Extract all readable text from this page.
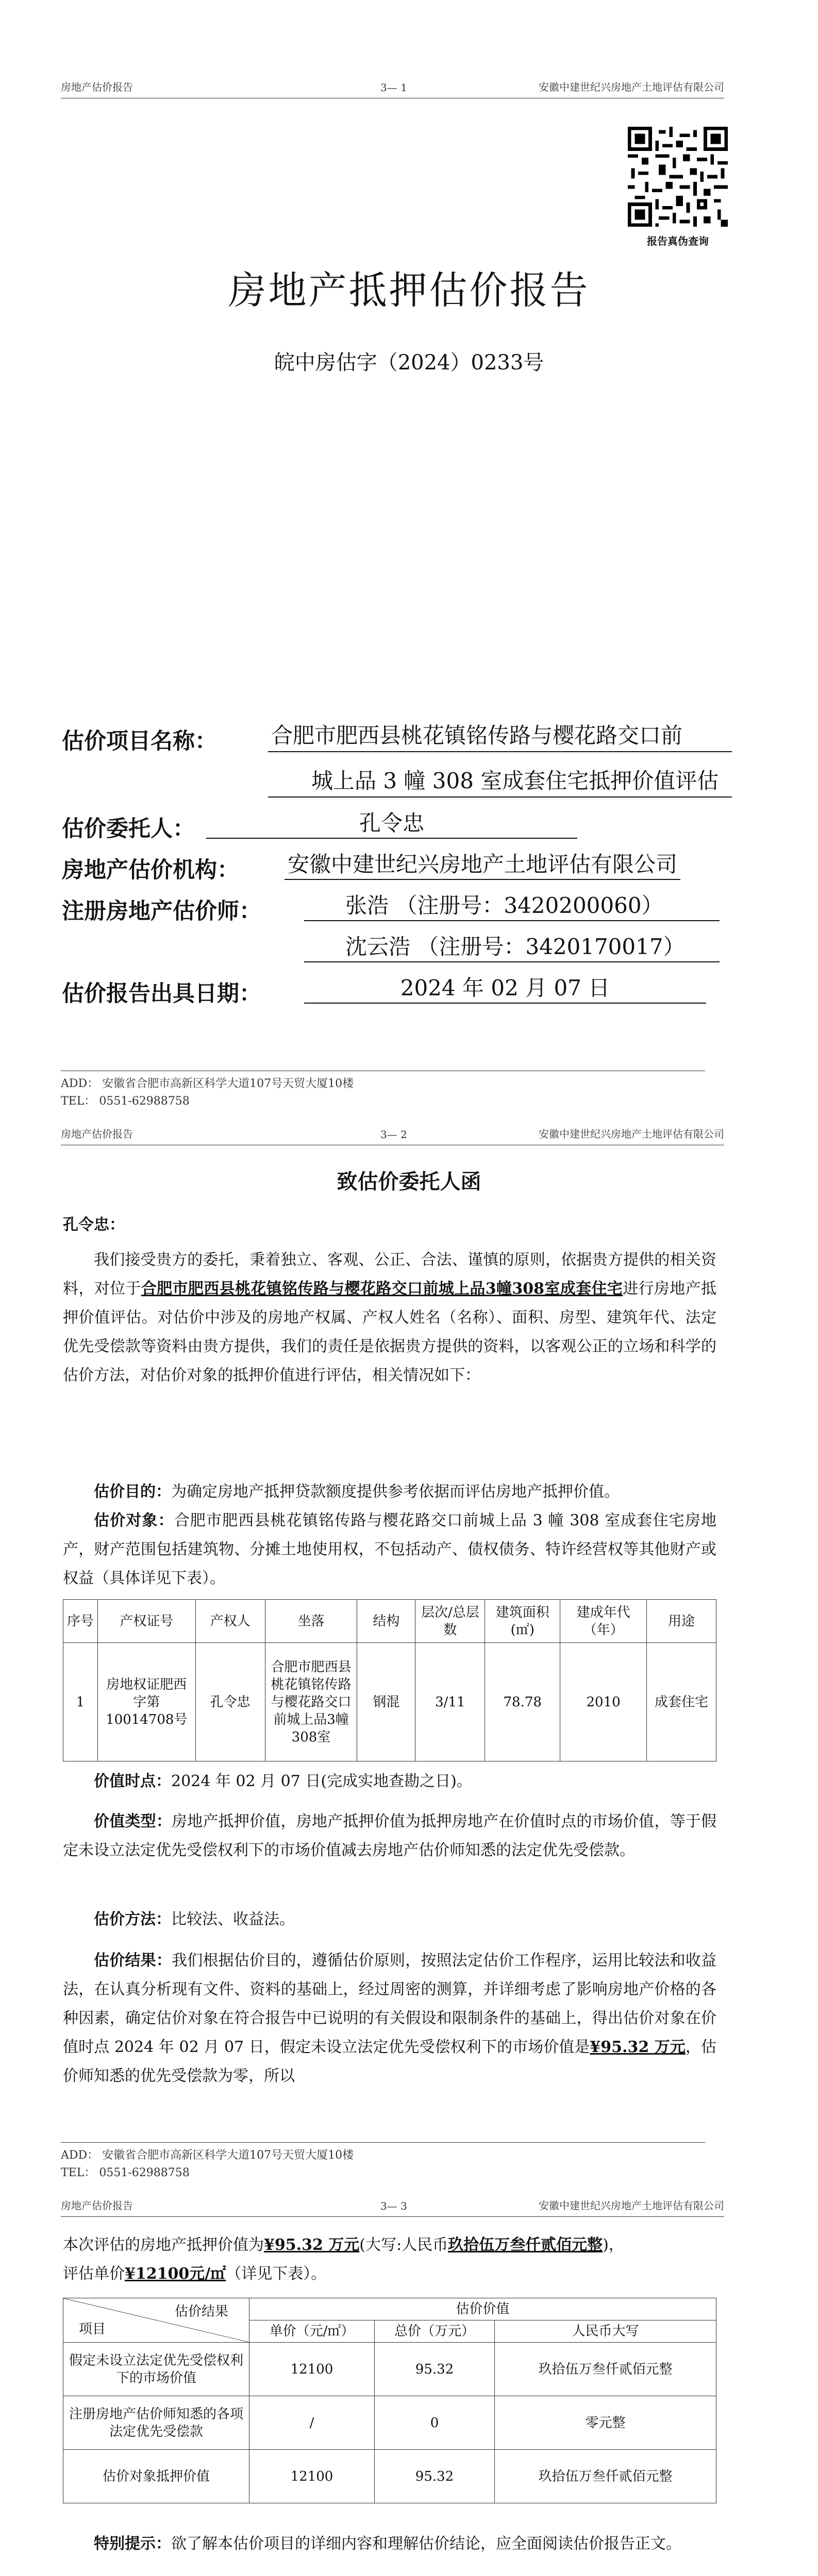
房地产估价报告	3— 1	安徽中建世纪兴房地产土地评估有限公司
报告真伪查询
房地产抵押估价报告
皖中房估字（2024）0233号
估价项目名称：	合肥市肥西县桃花镇铭传路与樱花路交口前
城上品 3 幢 308 室成套住宅抵押价值评估
估价委托人：	孔令忠
房地产估价机构： 安徽中建世纪兴房地产土地评估有限公司
注册房地产估价师：	张浩 （注册号：3420200060）
沈云浩 （注册号：3420170017）
估价报告出具日期：	2024 年 02 月 07 日
ADD： 安徽省合肥市高新区科学大道107号天贸大厦10楼
TEL： 0551-62988758
房地产估价报告	3— 2	安徽中建世纪兴房地产土地评估有限公司
致估价委托人函
孔令忠：
我们接受贵方的委托，秉着独立、客观、公正、合法、谨慎的原则，依据贵方提供的相关资料，对位于合肥市肥西县桃花镇铭传路与樱花路交口前城上品3幢308室成套住宅进行房地产抵押价值评估。对估价中涉及的房地产权属、产权人姓名（名称）、面积、房型、建筑年代、法定优先受偿款等资料由贵方提供，我们的责任是依据贵方提供的资料，以客观公正的立场和科学的估价方法，对估价对象的抵押价值进行评估，相关情况如下：
估价目的：为确定房地产抵押贷款额度提供参考依据而评估房地产抵押价值。
估价对象：合肥市肥西县桃花镇铭传路与樱花路交口前城上品 3 幢 308 室成套住宅房地产，财产范围包括建筑物、分摊土地使用权，不包括动产、债权债务、特许经营权等其他财产或权益（具体详见下表）。
序号	产权证号	产权人	坐落	结构	层次/总层数	建筑面积(㎡)	建成年代（年）	用途
1	房地权证肥西字第10014708号	孔令忠	合肥市肥西县桃花镇铭传路与樱花路交口前城上品3幢308室	钢混	3/11	78.78	2010	成套住宅
价值时点：2024 年 02 月 07 日(完成实地查勘之日)。
价值类型：房地产抵押价值，房地产抵押价值为抵押房地产在价值时点的市场价值，等于假定未设立法定优先受偿权利下的市场价值减去房地产估价师知悉的法定优先受偿款。
估价方法：比较法、收益法。
估价结果：我们根据估价目的，遵循估价原则，按照法定估价工作程序，运用比较法和收益法，在认真分析现有文件、资料的基础上，经过周密的测算，并详细考虑了影响房地产价格的各种因素，确定估价对象在符合报告中已说明的有关假设和限制条件的基础上，得出估价对象在价值时点 2024 年 02 月 07 日，假定未设立法定优先受偿权利下的市场价值是¥95.32 万元，估价师知悉的优先受偿款为零，所以
ADD： 安徽省合肥市高新区科学大道107号天贸大厦10楼
TEL： 0551-62988758
房地产估价报告	3— 3	安徽中建世纪兴房地产土地评估有限公司
本次评估的房地产抵押价值为¥95.32 万元(大写:人民币玖拾伍万叁仟贰佰元整)，
评估单价¥12100元/㎡（详见下表）。
估价结果
项目	估价价值		
	单价（元/㎡）	总价（万元）	人民币大写
假定未设立法定优先受偿权利下的市场价值	12100	95.32	玖拾伍万叁仟贰佰元整
注册房地产估价师知悉的各项法定优先受偿款	/	0	零元整
估价对象抵押价值	12100	95.32	玖拾伍万叁仟贰佰元整
特别提示：欲了解本估价项目的详细内容和理解估价结论，应全面阅读估价报告正文。
